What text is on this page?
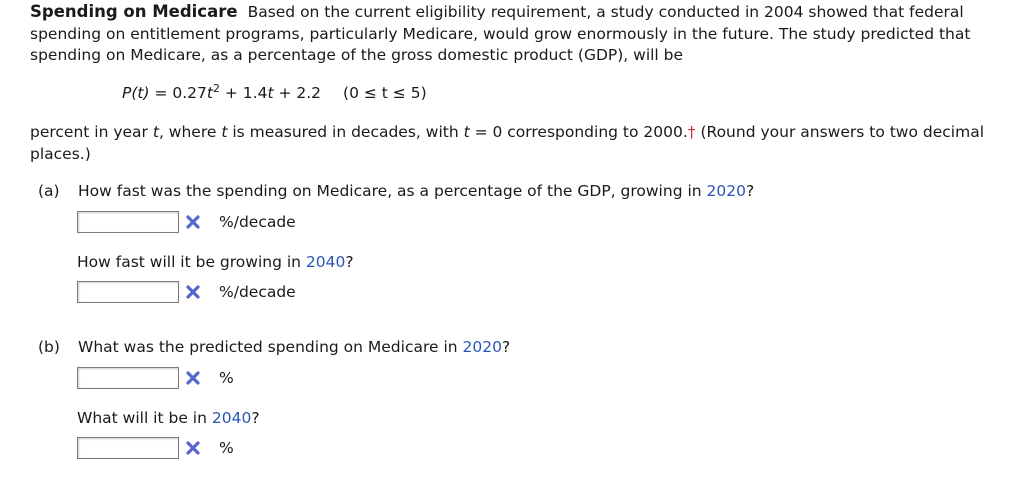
Spending on Medicare Based on the current eligibility requirement, a study conducted in 2004 showed that federal spending on entitlement programs, particularly Medicare, would grow enormously in the future. The study predicted that spending on Medicare, as a percentage of the gross domestic product (GDP), will be
$P(t) = 0.27t^2 + 1.4t + 2.2$ (0 ≤ t ≤ 5)
percent in year t, where t is measured in decades, with t = 0 corresponding to 2000.† (Round your answers to two decimal places.)
(a) How fast was the spending on Medicare, as a percentage of the GDP, growing in 2020?
%/decade
How fast will it be growing in 2040?
%/decade
(b) What was the predicted spending on Medicare in 2020?
%
What will it be in 2040?
%
